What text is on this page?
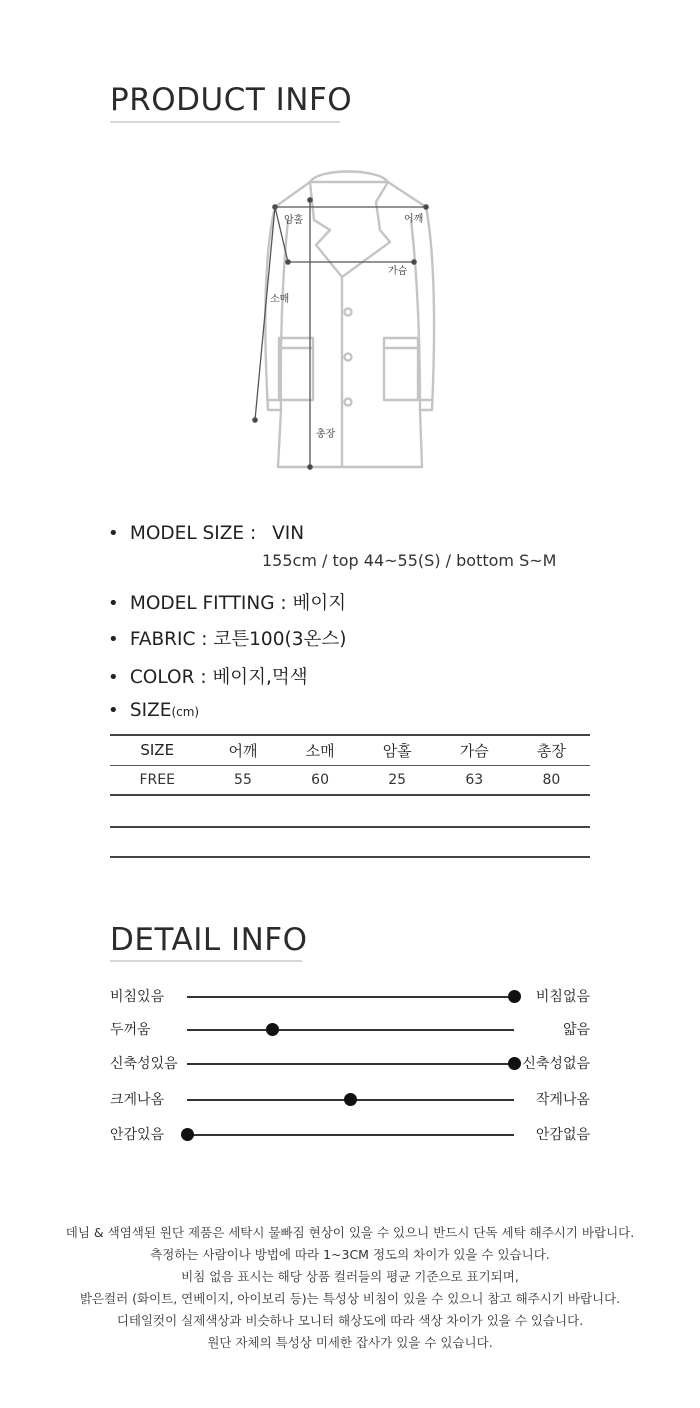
PRODUCT INFO
암홀	어깨
가슴
소매
총장
• MODEL SIZE : VIN
155cm / top 44~55(S) / bottom S~M
• MODEL FITTING : 베이지
• FABRIC : 코튼100(3온스)
• COLOR : 베이지,먹색
• SIZE(cm)
SIZE	어깨	소매	암홀	가슴	총장
FREE	55	60	25	63	80
DETAIL INFO
비침있음	비침없음
두꺼움	얇음
신축성있음	신축성없음
크게나옴	작게나옴
안감있음	안감없음

데님 & 색염색된 원단 제품은 세탁시 물빠짐 현상이 있을 수 있으니 반드시 단독 세탁 해주시기 바랍니다.

측정하는 사람이나 방법에 따라 1~3CM 정도의 차이가 있을 수 있습니다.

비침 없음 표시는 해당 상품 컬러들의 평균 기준으로 표기되며,

밝은컬러 (화이트, 연베이지, 아이보리 등)는 특성상 비침이 있을 수 있으니 참고 해주시기 바랍니다.

디테일컷이 실제색상과 비슷하나 모니터 해상도에 따라 색상 차이가 있을 수 있습니다.

원단 자체의 특성상 미세한 잡사가 있을 수 있습니다.
